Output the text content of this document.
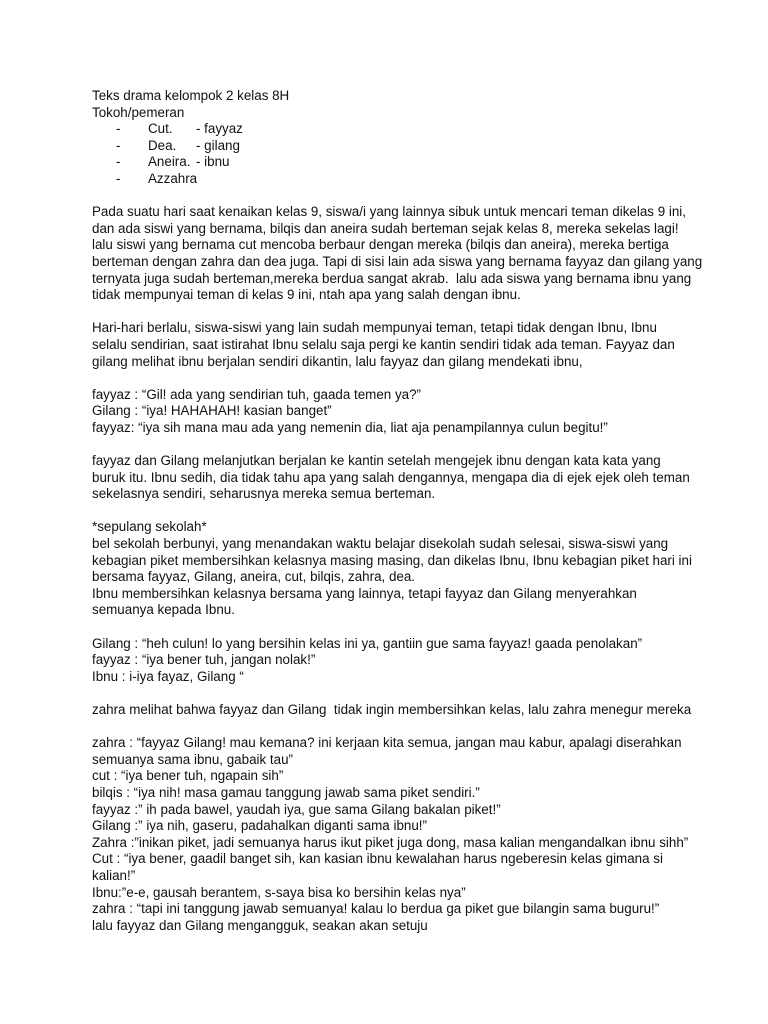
Teks drama kelompok 2 kelas 8H

Tokoh/pemeran

-	Cut.	- fayyaz
-	Dea.	- gilang
-	Aneira. - ibnu
-	Azzahra

Pada suatu hari saat kenaikan kelas 9, siswa/i yang lainnya sibuk untuk mencari teman dikelas 9 ini,

dan ada siswi yang bernama, bilqis dan aneira sudah berteman sejak kelas 8, mereka sekelas lagi!

lalu siswi yang bernama cut mencoba berbaur dengan mereka (bilqis dan aneira), mereka bertiga

berteman dengan zahra dan dea juga. Tapi di sisi lain ada siswa yang bernama fayyaz dan gilang yang

ternyata juga sudah berteman,mereka berdua sangat akrab.  lalu ada siswa yang bernama ibnu yang

tidak mempunyai teman di kelas 9 ini, ntah apa yang salah dengan ibnu.

Hari-hari berlalu, siswa-siswi yang lain sudah mempunyai teman, tetapi tidak dengan Ibnu, Ibnu

selalu sendirian, saat istirahat Ibnu selalu saja pergi ke kantin sendiri tidak ada teman. Fayyaz dan

gilang melihat ibnu berjalan sendiri dikantin, lalu fayyaz dan gilang mendekati ibnu,

fayyaz : “Gil! ada yang sendirian tuh, gaada temen ya?”

Gilang : “iya! HAHAHAH! kasian banget”

fayyaz: “iya sih mana mau ada yang nemenin dia, liat aja penampilannya culun begitu!”

fayyaz dan Gilang melanjutkan berjalan ke kantin setelah mengejek ibnu dengan kata kata yang

buruk itu. Ibnu sedih, dia tidak tahu apa yang salah dengannya, mengapa dia di ejek ejek oleh teman

sekelasnya sendiri, seharusnya mereka semua berteman.

*sepulang sekolah*

bel sekolah berbunyi, yang menandakan waktu belajar disekolah sudah selesai, siswa-siswi yang

kebagian piket membersihkan kelasnya masing masing, dan dikelas Ibnu, Ibnu kebagian piket hari ini

bersama fayyaz, Gilang, aneira, cut, bilqis, zahra, dea.

Ibnu membersihkan kelasnya bersama yang lainnya, tetapi fayyaz dan Gilang menyerahkan

semuanya kepada Ibnu.

Gilang : “heh culun! lo yang bersihin kelas ini ya, gantiin gue sama fayyaz! gaada penolakan”

fayyaz : “iya bener tuh, jangan nolak!”

Ibnu : i-iya fayaz, Gilang “

zahra melihat bahwa fayyaz dan Gilang  tidak ingin membersihkan kelas, lalu zahra menegur mereka

zahra : “fayyaz Gilang! mau kemana? ini kerjaan kita semua, jangan mau kabur, apalagi diserahkan

semuanya sama ibnu, gabaik tau”

cut : “iya bener tuh, ngapain sih”

bilqis : “iya nih! masa gamau tanggung jawab sama piket sendiri.”

fayyaz :” ih pada bawel, yaudah iya, gue sama Gilang bakalan piket!”

Gilang :” iya nih, gaseru, padahalkan diganti sama ibnu!”

Zahra :”inikan piket, jadi semuanya harus ikut piket juga dong, masa kalian mengandalkan ibnu sihh”

Cut : “iya bener, gaadil banget sih, kan kasian ibnu kewalahan harus ngeberesin kelas gimana si

kalian!”

Ibnu:”e-e, gausah berantem, s-saya bisa ko bersihin kelas nya”

zahra : “tapi ini tanggung jawab semuanya! kalau lo berdua ga piket gue bilangin sama buguru!”

lalu fayyaz dan Gilang mengangguk, seakan akan setuju
